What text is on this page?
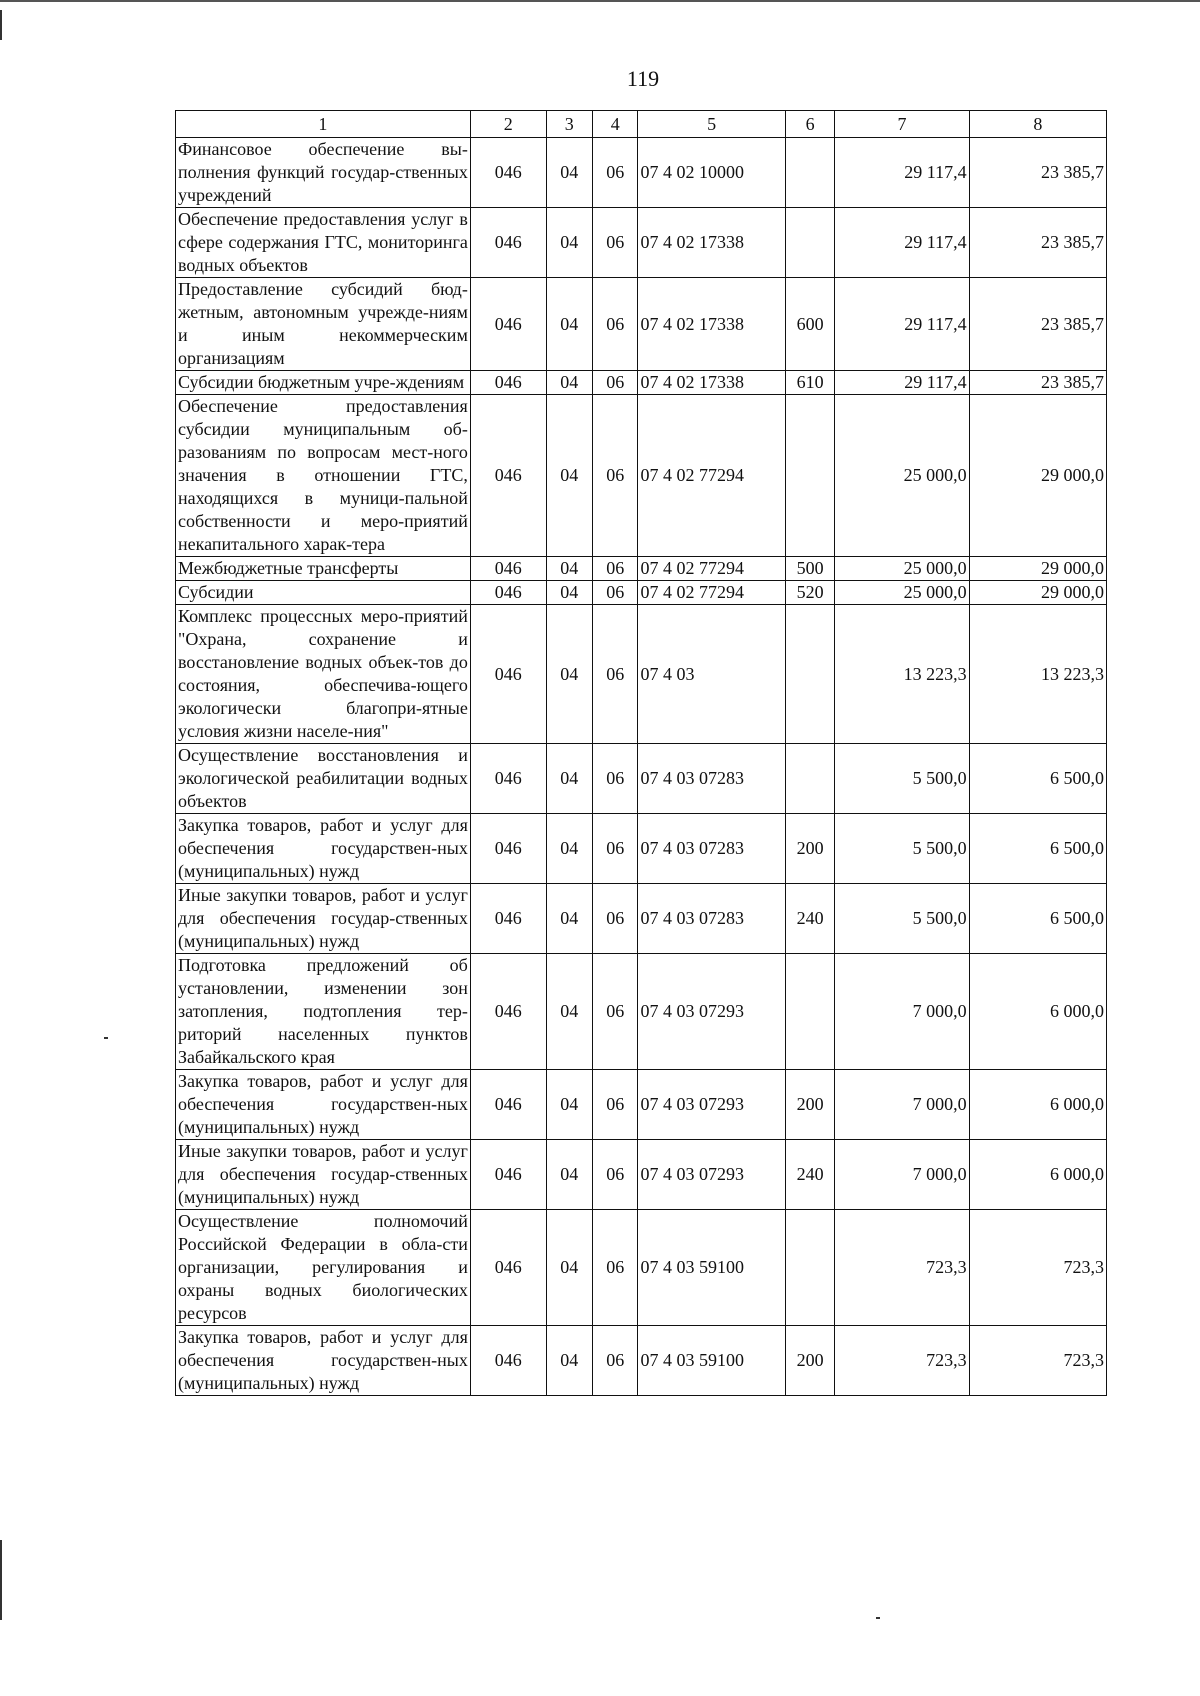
119
1	2	3	4	5	6	7	8
Финансовое обеспечение вы-полнения функций государ-ственных учреждений	046	04	06	07 4 02 10000		29 117,4	23 385,7
Обеспечение предоставления услуг в сфере содержания ГТС, мониторинга водных объектов	046	04	06	07 4 02 17338		29 117,4	23 385,7
Предоставление субсидий бюд-жетным, автономным учрежде-ниям и иным некоммерческим организациям	046	04	06	07 4 02 17338	600	29 117,4	23 385,7
Субсидии бюджетным учре-ждениям	046	04	06	07 4 02 17338	610	29 117,4	23 385,7
Обеспечение предоставления субсидии муниципальным об-разованиям по вопросам мест-ного значения в отношении ГТС, находящихся в муници-пальной собственности и меро-приятий некапитального харак-тера	046	04	06	07 4 02 77294		25 000,0	29 000,0
Межбюджетные трансферты	046	04	06	07 4 02 77294	500	25 000,0	29 000,0
Субсидии	046	04	06	07 4 02 77294	520	25 000,0	29 000,0
Комплекс процессных меро-приятий "Охрана, сохранение и восстановление водных объек-тов до состояния, обеспечива-ющего экологически благопри-ятные условия жизни населе-ния"	046	04	06	07 4 03		13 223,3	13 223,3
Осуществление восстановления и экологической реабилитации водных объектов	046	04	06	07 4 03 07283		5 500,0	6 500,0
Закупка товаров, работ и услуг для обеспечения государствен-ных (муниципальных) нужд	046	04	06	07 4 03 07283	200	5 500,0	6 500,0
Иные закупки товаров, работ и услуг для обеспечения государ-ственных (муниципальных) нужд	046	04	06	07 4 03 07283	240	5 500,0	6 500,0
Подготовка предложений об установлении, изменении зон затопления, подтопления тер-риторий населенных пунктов Забайкальского края	046	04	06	07 4 03 07293		7 000,0	6 000,0
Закупка товаров, работ и услуг для обеспечения государствен-ных (муниципальных) нужд	046	04	06	07 4 03 07293	200	7 000,0	6 000,0
Иные закупки товаров, работ и услуг для обеспечения государ-ственных (муниципальных) нужд	046	04	06	07 4 03 07293	240	7 000,0	6 000,0
Осуществление полномочий Российской Федерации в обла-сти организации, регулирования и охраны водных биологических ресурсов	046	04	06	07 4 03 59100		723,3	723,3
Закупка товаров, работ и услуг для обеспечения государствен-ных (муниципальных) нужд	046	04	06	07 4 03 59100	200	723,3	723,3
